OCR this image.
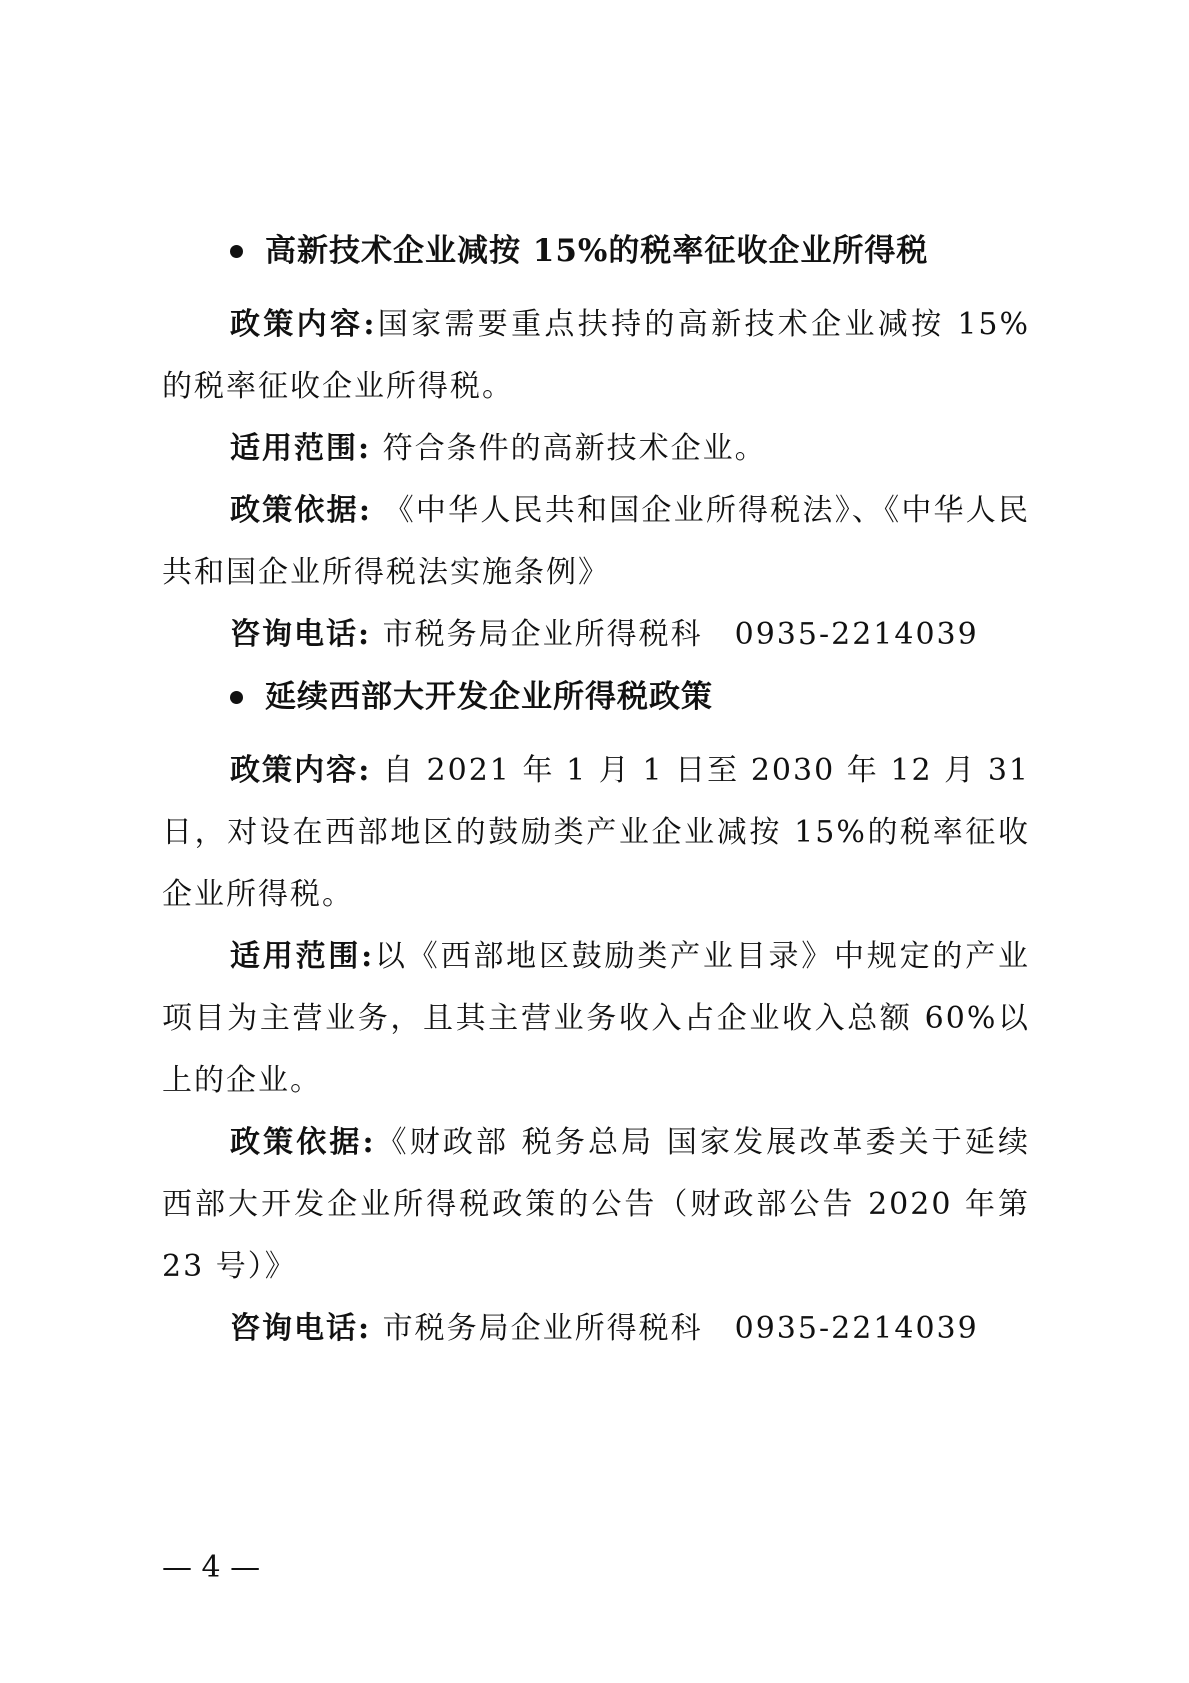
高新技术企业减按 15%的税率征收企业所得税

政策内容:国家需要重点扶持的高新技术企业减按 15%的税率征收企业所得税。

适用范围: 符合条件的高新技术企业。

政策依据: 《中华人民共和国企业所得税法》、《中华人民共和国企业所得税法实施条例》

咨询电话: 市税务局企业所得税科 0935-2214039

延续西部大开发企业所得税政策

政策内容: 自 2021 年 1 月 1 日至 2030 年 12 月 31 日，对设在西部地区的鼓励类产业企业减按 15%的税率征收企业所得税。

适用范围:以《西部地区鼓励类产业目录》中规定的产业项目为主营业务，且其主营业务收入占企业收入总额 60%以上的企业。

政策依据:《财政部 税务总局 国家发展改革委关于延续西部大开发企业所得税政策的公告（财政部公告 2020 年第 23 号）》

咨询电话: 市税务局企业所得税科 0935-2214039

— 4 —
